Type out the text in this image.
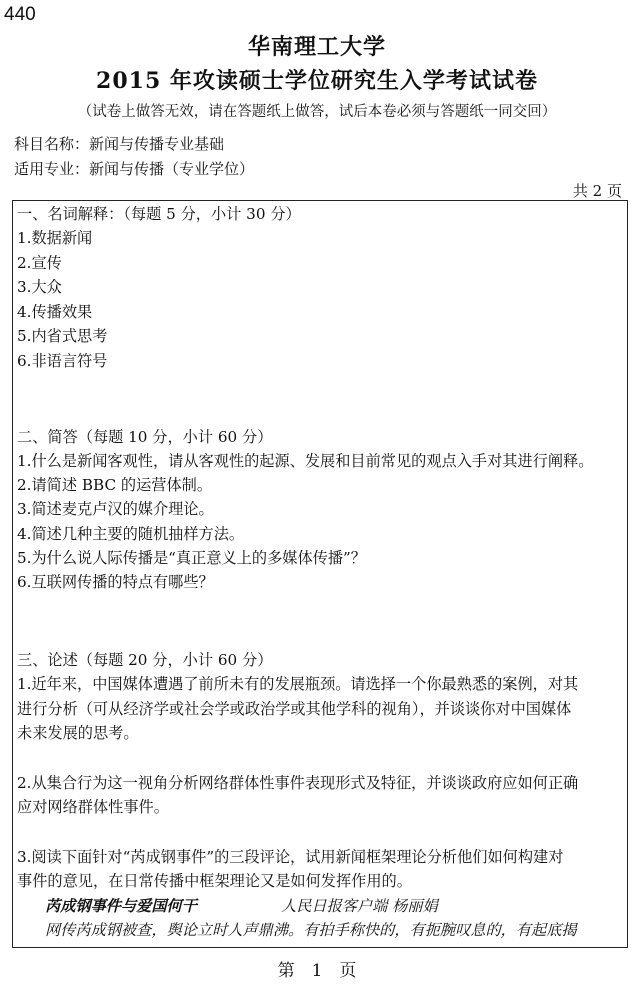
440
华南理工大学
2015 年攻读硕士学位研究生入学考试试卷
（试卷上做答无效，请在答题纸上做答，试后本卷必须与答题纸一同交回）
科目名称：新闻与传播专业基础
适用专业：新闻与传播（专业学位）
共 2 页
一、名词解释：（每题 5 分，小计 30 分）
1.数据新闻
2.宣传
3.大众
4.传播效果
5.内省式思考
6.非语言符号
二、简答（每题 10 分，小计 60 分）
1.什么是新闻客观性，请从客观性的起源、发展和目前常见的观点入手对其进行阐释。
2.请简述 BBC 的运营体制。
3.简述麦克卢汉的媒介理论。
4.简述几种主要的随机抽样方法。
5.为什么说人际传播是“真正意义上的多媒体传播”？
6.互联网传播的特点有哪些？
三、论述（每题 20 分，小计 60 分）
1.近年来，中国媒体遭遇了前所未有的发展瓶颈。请选择一个你最熟悉的案例，对其
进行分析（可从经济学或社会学或政治学或其他学科的视角），并谈谈你对中国媒体
未来发展的思考。
2.从集合行为这一视角分析网络群体性事件表现形式及特征，并谈谈政府应如何正确
应对网络群体性事件。
3.阅读下面针对“芮成钢事件”的三段评论，试用新闻框架理论分析他们如何构建对
事件的意见，在日常传播中框架理论又是如何发挥作用的。
芮成钢事件与爱国何干	人民日报客户端 杨丽娟
网传芮成钢被查，舆论立时人声鼎沸。有拍手称快的，有扼腕叹息的，有起底揭
第　1　页
